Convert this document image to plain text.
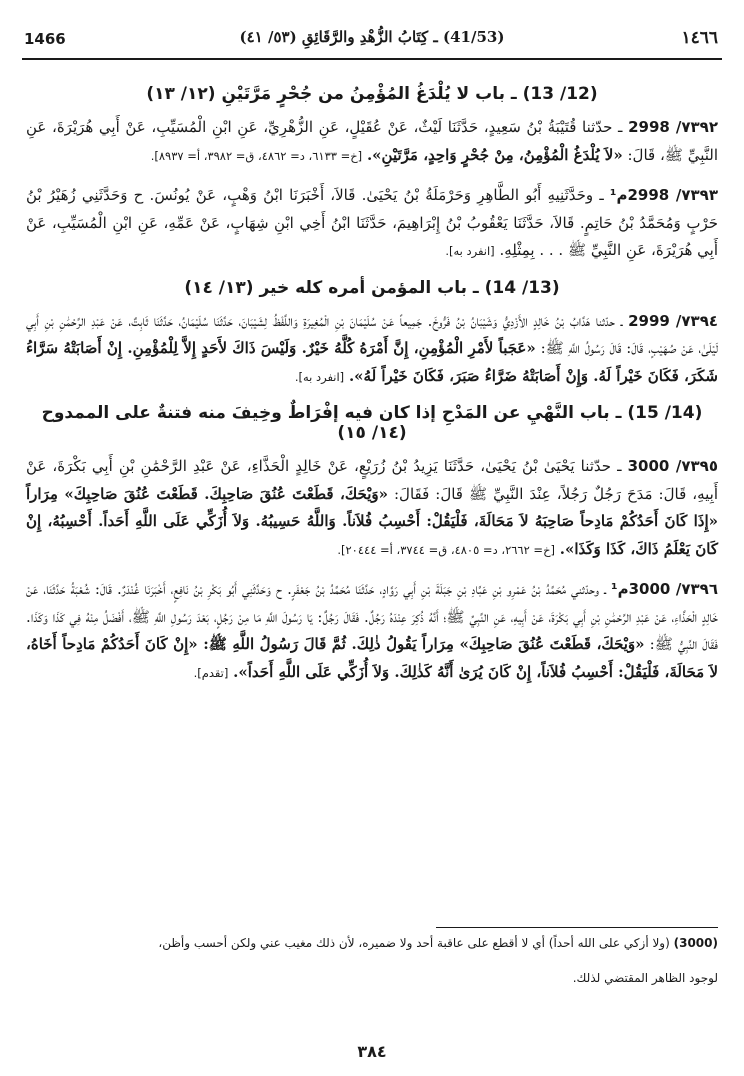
1466	(41/53) ـ كِتَابُ الزُّهْدِ والرَّقَائِقِ (٥٣/ ٤١)	١٤٦٦
(12/ 13) ـ باب لا يُلْدَغُ المُؤْمِنُ من جُحْرٍ مَرَّتَيْنِ (١٢/ ١٣)

٧٣٩٢/ 2998 ـ حدّثنا قُتَيْبَةُ بْنُ سَعِيدٍ، حَدَّثَنَا لَيْثٌ، عَنْ عُقَيْلٍ، عَنِ الزُّهْرِيِّ، عَنِ ابْنِ الْمُسَيِّبِ، عَنْ أَبِي هُرَيْرَةَ، عَنِ النَّبِيِّ ﷺ، قَالَ: «لاَ يُلْدَغُ الْمُؤْمِنُ، مِنْ جُحْرٍ وَاحِدٍ، مَرَّتَيْنِ». [خ= ٦١٣٣، د= ٤٨٦٢، ق= ٣٩٨٢، أ= ٨٩٣٧].

٧٣٩٣/ 2998م¹ ـ وحَدَّثَنِيهِ أَبُو الطَّاهِرِ وَحَرْمَلَةُ بْنُ يَحْيَىٰ. قَالاَ، أَخْبَرَنَا ابْنُ وَهْبٍ، عَنْ يُونُسَ. ح وَحَدَّثَنِي زُهَيْرُ بْنُ حَرْبٍ وَمُحَمَّدُ بْنُ حَاتِمٍ. قَالاَ، حَدَّثَنَا يَعْقُوبُ بْنُ إِبْرَاهِيمَ، حَدَّثَنَا ابْنُ أَخِي ابْنِ شِهَابٍ، عَنْ عَمِّهِ، عَنِ ابْنِ الْمُسَيِّبِ، عَنْ أَبِي هُرَيْرَةَ، عَنِ النَّبِيِّ ﷺ . . . بِمِثْلِهِ. [انفرد به].

(13/ 14) ـ باب المؤمن أمره كله خير (١٣/ ١٤)

٧٣٩٤/ 2999 ـ حدّثنا هَدَّابُ بْنُ خَالِدٍ الأَزْدِيُّ وَشَيْبَانُ بْنُ فَرُّوخَ. جَمِيعاً عَنْ سُلَيْمَانَ بْنِ الْمُغِيرَةِ وَاللَّفْظُ لِشَيْبَانَ، حَدَّثَنَا سُلَيْمَانُ، حَدَّثَنَا ثَابِتٌ، عَنْ عَبْدِ الرَّحْمَٰنِ بْنِ أَبِي لَيْلَىٰ، عَنْ صُهَيْبٍ، قَالَ: قَالَ رَسُولُ اللَّهِ ﷺ: «عَجَباً لأَمْرِ الْمُؤْمِنِ، إِنَّ أَمْرَهُ كُلَّهُ خَيْرٌ. وَلَيْسَ ذَاكَ لأَحَدٍ إِلاَّ لِلْمُؤْمِنِ. إِنْ أَصَابَتْهُ سَرَّاءُ شَكَرَ، فَكَانَ خَيْراً لَهُ. وَإِنْ أَصَابَتْهُ ضَرَّاءُ صَبَرَ، فَكَانَ خَيْراً لَهُ». [انفرد به].

(14/ 15) ـ باب النَّهْيِ عن المَدْحِ إذا كان فيه إفْرَاطٌ وخِيفَ منه فتنةٌ على الممدوح (١٤/ ١٥)

٧٣٩٥/ 3000 ـ حدّثنا يَحْيَىٰ بْنُ يَحْيَىٰ، حَدَّثَنَا يَزِيدُ بْنُ زُرَيْعٍ، عَنْ خَالِدٍ الْحَذَّاءِ، عَنْ عَبْدِ الرَّحْمَٰنِ بْنِ أَبِي بَكْرَةَ، عَنْ أَبِيهِ، قَالَ: مَدَحَ رَجُلٌ رَجُلاً، عِنْدَ النَّبِيِّ ﷺ قَالَ: فَقَالَ: «وَيْحَكَ، قَطَعْتَ عُنُقَ صَاحِبِكَ. قَطَعْتَ عُنُقَ صَاحِبِكَ» مِرَاراً «إِذَا كَانَ أَحَدُكُمْ مَادِحاً صَاحِبَهُ لاَ مَحَالَةَ، فَلْيَقُلْ: أَحْسِبُ فُلاَناً. وَاللَّهُ حَسِيبُهُ. وَلاَ أُزَكِّي عَلَى اللَّهِ أَحَداً. أَحْسِبُهُ، إِنْ كَانَ يَعْلَمُ ذَاكَ، كَذَا وَكَذَا». [خ= ٢٦٦٢، د= ٤٨٠٥، ق= ٣٧٤٤، أ= ٢٠٤٤٤].

٧٣٩٦/ 3000م¹ ـ وحدّثني مُحَمَّدُ بْنُ عَمْرِو بْنِ عَبَّادِ بْنِ جَبَلَةَ بْنِ أَبِي رَوَّادٍ، حَدَّثَنَا مُحَمَّدُ بْنُ جَعْفَرٍ. ح وَحَدَّثَنِي أَبُو بَكْرِ بْنُ نَافِعٍ، أَخْبَرَنَا غُنْدَرٌ. قَالَ: شُعْبَةُ حَدَّثَنَا، عَنْ خَالِدٍ الْحَذَّاءِ، عَنْ عَبْدِ الرَّحْمَٰنِ بْنِ أَبِي بَكْرَةَ، عَنْ أَبِيهِ، عَنِ النَّبِيِّ ﷺ؛ أَنَّهُ ذُكِرَ عِنْدَهُ رَجُلٌ. فَقَالَ رَجُلٌ: يَا رَسُولَ اللَّهِ مَا مِنْ رَجُلٍ، بَعْدَ رَسُولِ اللَّهِ ﷺ، أَفْضَلُ مِنْهُ فِي كَذَا وَكَذَا. فَقَالَ النَّبِيُّ ﷺ: «وَيْحَكَ، قَطَعْتَ عُنُقَ صَاحِبِكَ» مِرَاراً يَقُولُ ذٰلِكَ. ثُمَّ قَالَ رَسُولُ اللَّهِ ﷺ: «إِنْ كَانَ أَحَدُكُمْ مَادِحاً أَخَاهُ، لاَ مَحَالَةَ، فَلْيَقُلْ: أَحْسِبُ فُلاَناً، إِنْ كَانَ يُرَىٰ أَنَّهُ كَذٰلِكَ. وَلاَ أُزَكِّي عَلَى اللَّهِ أَحَداً». [تقدم].

(3000) (ولا أزكي على الله أحداً) أي لا أقطع على عاقبة أحد ولا ضميره، لأن ذلك مغيب عني ولكن أحسب وأظن،

لوجود الظاهر المقتضي لذلك.

٣٨٤
